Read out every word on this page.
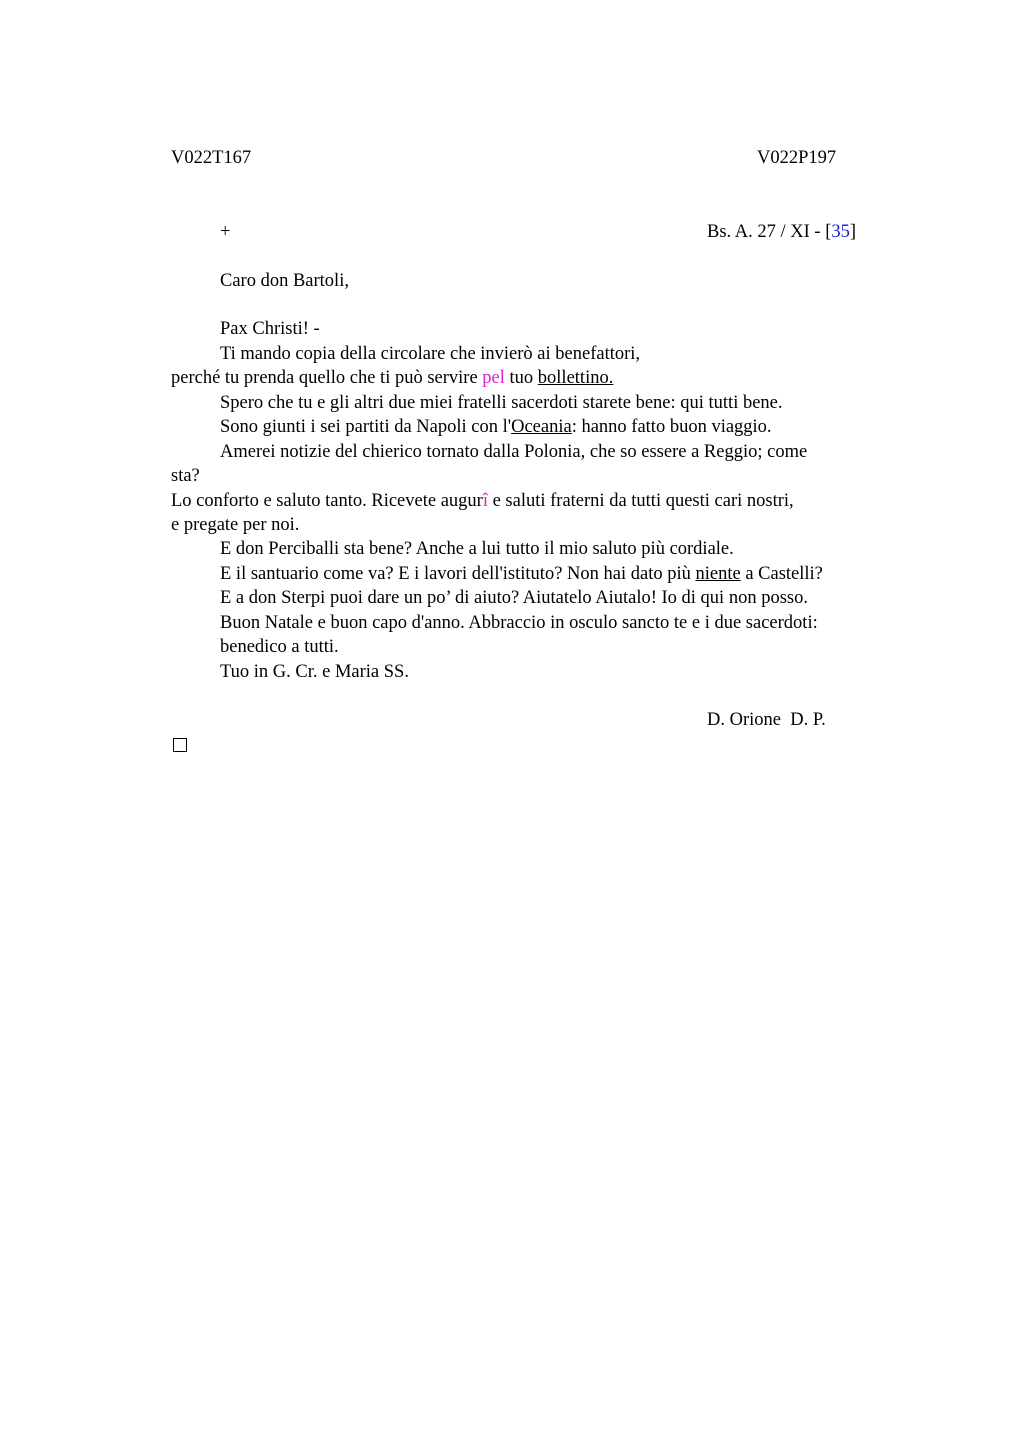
V022T167	V022P197
+	Bs. A. 27 / XI - [35]
Caro don Bartoli,
Pax Christi! -
Ti mando copia della circolare che invierò ai benefattori,
perché tu prenda quello che ti può servire pel tuo bollettino.
Spero che tu e gli altri due miei fratelli sacerdoti starete bene: qui tutti bene.
Sono giunti i sei partiti da Napoli con l'Oceania: hanno fatto buon viaggio.
Amerei notizie del chierico tornato dalla Polonia, che so essere a Reggio; come
sta?
Lo conforto e saluto tanto. Ricevete augurî e saluti fraterni da tutti questi cari nostri,
e pregate per noi.
E don Perciballi sta bene? Anche a lui tutto il mio saluto più cordiale.
E il santuario come va? E i lavori dell'istituto? Non hai dato più niente a Castelli?
E a don Sterpi puoi dare un po’ di aiuto? Aiutatelo Aiutalo! Io di qui non posso.
Buon Natale e buon capo d'anno. Abbraccio in osculo sancto te e i due sacerdoti:
benedico a tutti.
Tuo in G. Cr. e Maria SS.
D. Orione  D. P.
